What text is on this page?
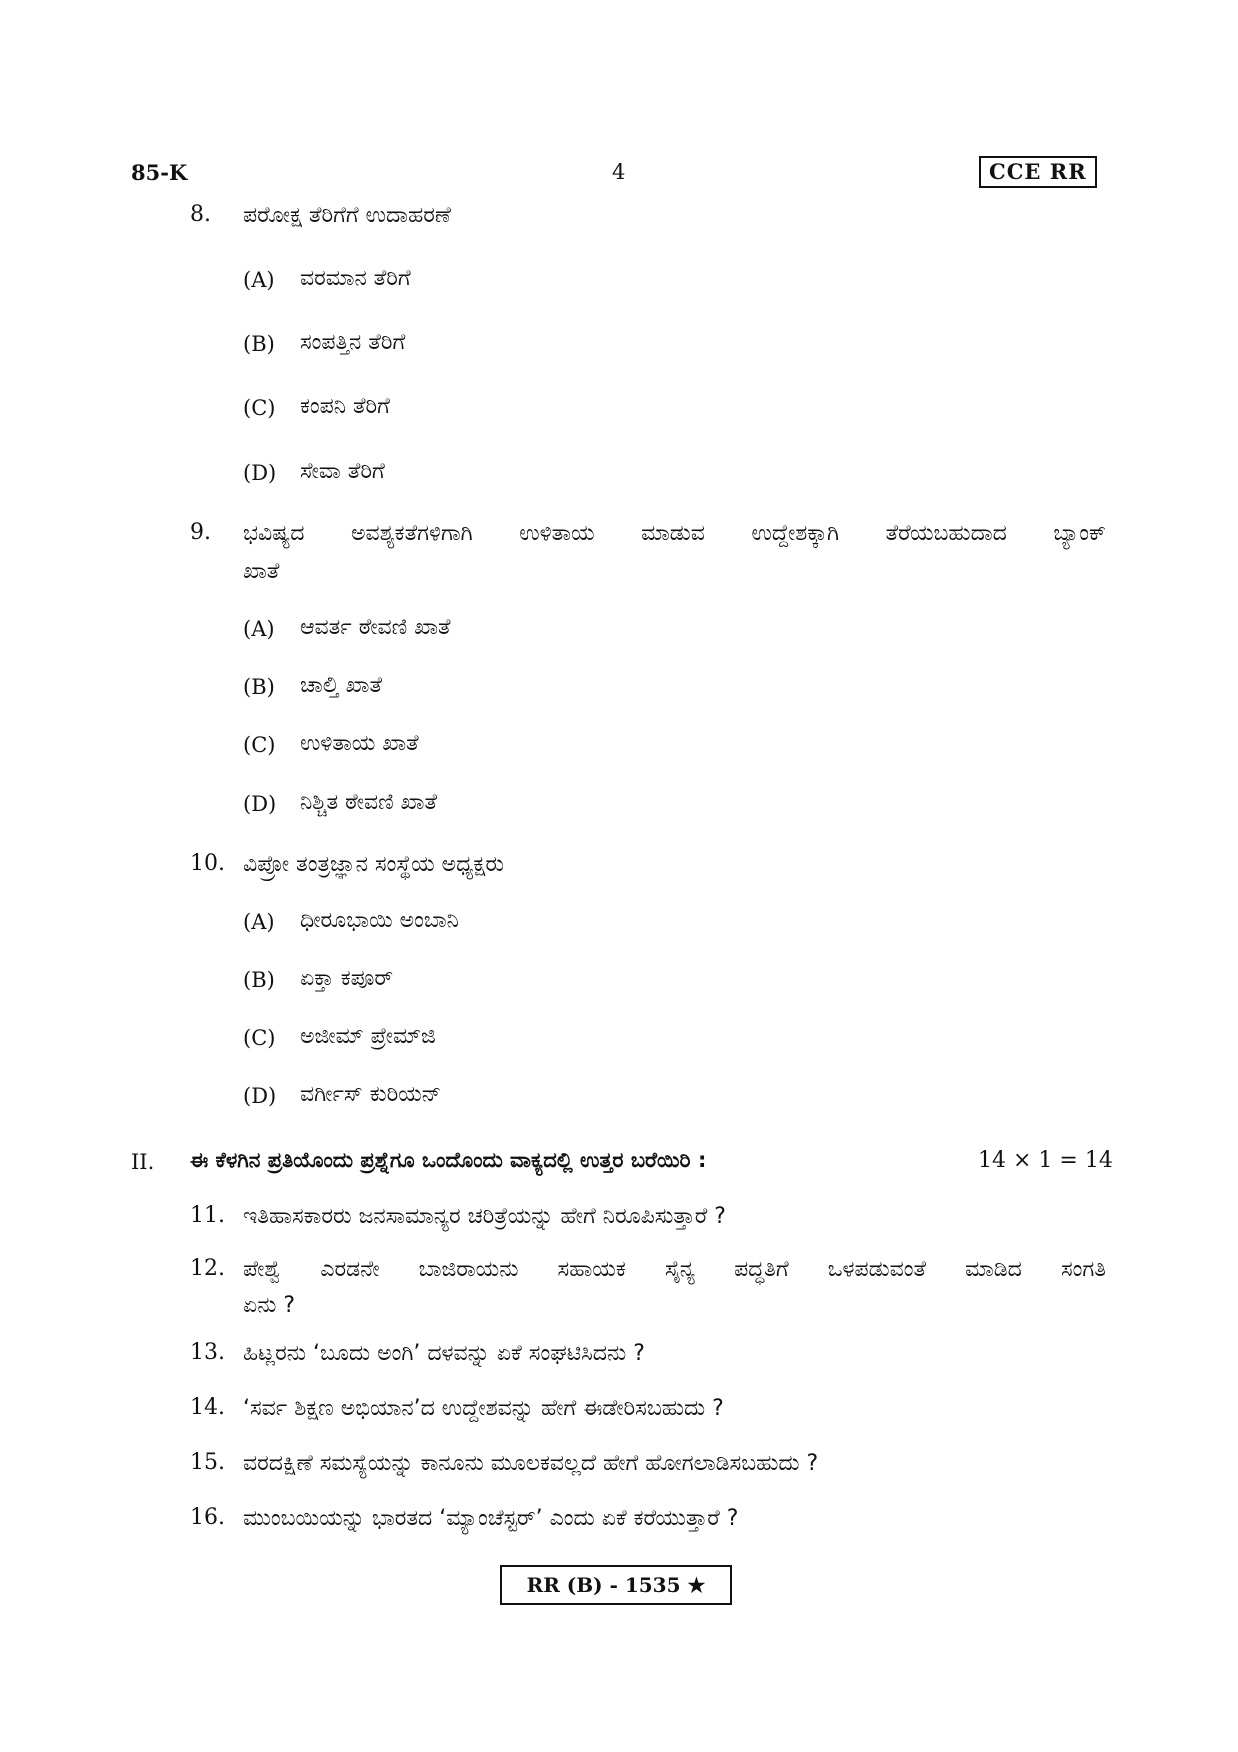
85-K	4	CCE RR
8. ಪರೋಕ್ಷ ತೆರಿಗೆಗೆ ಉದಾಹರಣೆ
(A) ವರಮಾನ ತೆರಿಗೆ
(B) ಸಂಪತ್ತಿನ ತೆರಿಗೆ
(C) ಕಂಪನಿ ತೆರಿಗೆ
(D) ಸೇವಾ ತೆರಿಗೆ
9. ಭವಿಷ್ಯದ ಅವಶ್ಯಕತೆಗಳಿಗಾಗಿ ಉಳಿತಾಯ ಮಾಡುವ ಉದ್ದೇಶಕ್ಕಾಗಿ ತೆರೆಯಬಹುದಾದ ಬ್ಯಾಂಕ್
ಖಾತೆ
(A) ಆವರ್ತ ಠೇವಣಿ ಖಾತೆ
(B) ಚಾಲ್ತಿ ಖಾತೆ
(C) ಉಳಿತಾಯ ಖಾತೆ
(D) ನಿಶ್ಚಿತ ಠೇವಣಿ ಖಾತೆ
10. ವಿಪ್ರೋ ತಂತ್ರಜ್ಞಾನ ಸಂಸ್ಥೆಯ ಅಧ್ಯಕ್ಷರು
(A) ಧೀರೂಭಾಯಿ ಅಂಬಾನಿ
(B) ಏಕ್ತಾ ಕಪೂರ್
(C) ಅಜೀಮ್ ಪ್ರೇಮ್‌ಜಿ
(D) ವರ್ಗೀಸ್ ಕುರಿಯನ್
II. ಈ ಕೆಳಗಿನ ಪ್ರತಿಯೊಂದು ಪ್ರಶ್ನೆಗೂ ಒಂದೊಂದು ವಾಕ್ಯದಲ್ಲಿ ಉತ್ತರ ಬರೆಯಿರಿ :	14 × 1 = 14
11. ಇತಿಹಾಸಕಾರರು ಜನಸಾಮಾನ್ಯರ ಚರಿತ್ರೆಯನ್ನು ಹೇಗೆ ನಿರೂಪಿಸುತ್ತಾರೆ ?
12. ಪೇಶ್ವೆ ಎರಡನೇ ಬಾಜಿರಾಯನು ಸಹಾಯಕ ಸೈನ್ಯ ಪದ್ಧತಿಗೆ ಒಳಪಡುವಂತೆ ಮಾಡಿದ ಸಂಗತಿ
ಏನು ?
13. ಹಿಟ್ಲರನು ‘ಬೂದು ಅಂಗಿ’ ದಳವನ್ನು ಏಕೆ ಸಂಘಟಿಸಿದನು ?
14. ‘ಸರ್ವ ಶಿಕ್ಷಣ ಅಭಿಯಾನ’ದ ಉದ್ದೇಶವನ್ನು ಹೇಗೆ ಈಡೇರಿಸಬಹುದು ?
15. ವರದಕ್ಷಿಣೆ ಸಮಸ್ಯೆಯನ್ನು ಕಾನೂನು ಮೂಲಕವಲ್ಲದೆ ಹೇಗೆ ಹೋಗಲಾಡಿಸಬಹುದು ?
16. ಮುಂಬಯಿಯನ್ನು ಭಾರತದ ‘ಮ್ಯಾಂಚೆಸ್ಟರ್’ ಎಂದು ಏಕೆ ಕರೆಯುತ್ತಾರೆ ?
RR (B) - 1535 ★
